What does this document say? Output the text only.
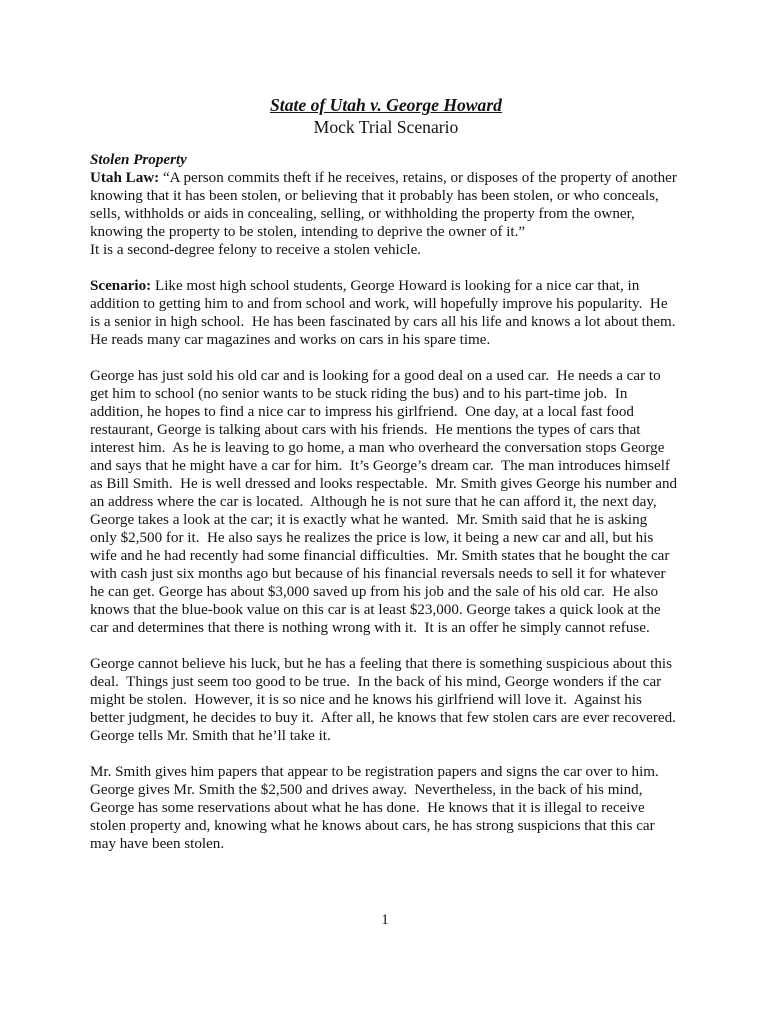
State of Utah v. George Howard
Mock Trial Scenario
Stolen Property
Utah Law: “A person commits theft if he receives, retains, or disposes of the property of another
knowing that it has been stolen, or believing that it probably has been stolen, or who conceals,
sells, withholds or aids in concealing, selling, or withholding the property from the owner,
knowing the property to be stolen, intending to deprive the owner of it.”
It is a second-degree felony to receive a stolen vehicle.
Scenario: Like most high school students, George Howard is looking for a nice car that, in
addition to getting him to and from school and work, will hopefully improve his popularity.  He
is a senior in high school.  He has been fascinated by cars all his life and knows a lot about them.
He reads many car magazines and works on cars in his spare time.
George has just sold his old car and is looking for a good deal on a used car.  He needs a car to
get him to school (no senior wants to be stuck riding the bus) and to his part-time job.  In
addition, he hopes to find a nice car to impress his girlfriend.  One day, at a local fast food
restaurant, George is talking about cars with his friends.  He mentions the types of cars that
interest him.  As he is leaving to go home, a man who overheard the conversation stops George
and says that he might have a car for him.  It’s George’s dream car.  The man introduces himself
as Bill Smith.  He is well dressed and looks respectable.  Mr. Smith gives George his number and
an address where the car is located.  Although he is not sure that he can afford it, the next day,
George takes a look at the car; it is exactly what he wanted.  Mr. Smith said that he is asking
only $2,500 for it.  He also says he realizes the price is low, it being a new car and all, but his
wife and he had recently had some financial difficulties.  Mr. Smith states that he bought the car
with cash just six months ago but because of his financial reversals needs to sell it for whatever
he can get. George has about $3,000 saved up from his job and the sale of his old car.  He also
knows that the blue-book value on this car is at least $23,000. George takes a quick look at the
car and determines that there is nothing wrong with it.  It is an offer he simply cannot refuse.
George cannot believe his luck, but he has a feeling that there is something suspicious about this
deal.  Things just seem too good to be true.  In the back of his mind, George wonders if the car
might be stolen.  However, it is so nice and he knows his girlfriend will love it.  Against his
better judgment, he decides to buy it.  After all, he knows that few stolen cars are ever recovered.
George tells Mr. Smith that he’ll take it.
Mr. Smith gives him papers that appear to be registration papers and signs the car over to him.
George gives Mr. Smith the $2,500 and drives away.  Nevertheless, in the back of his mind,
George has some reservations about what he has done.  He knows that it is illegal to receive
stolen property and, knowing what he knows about cars, he has strong suspicions that this car
may have been stolen.
1
